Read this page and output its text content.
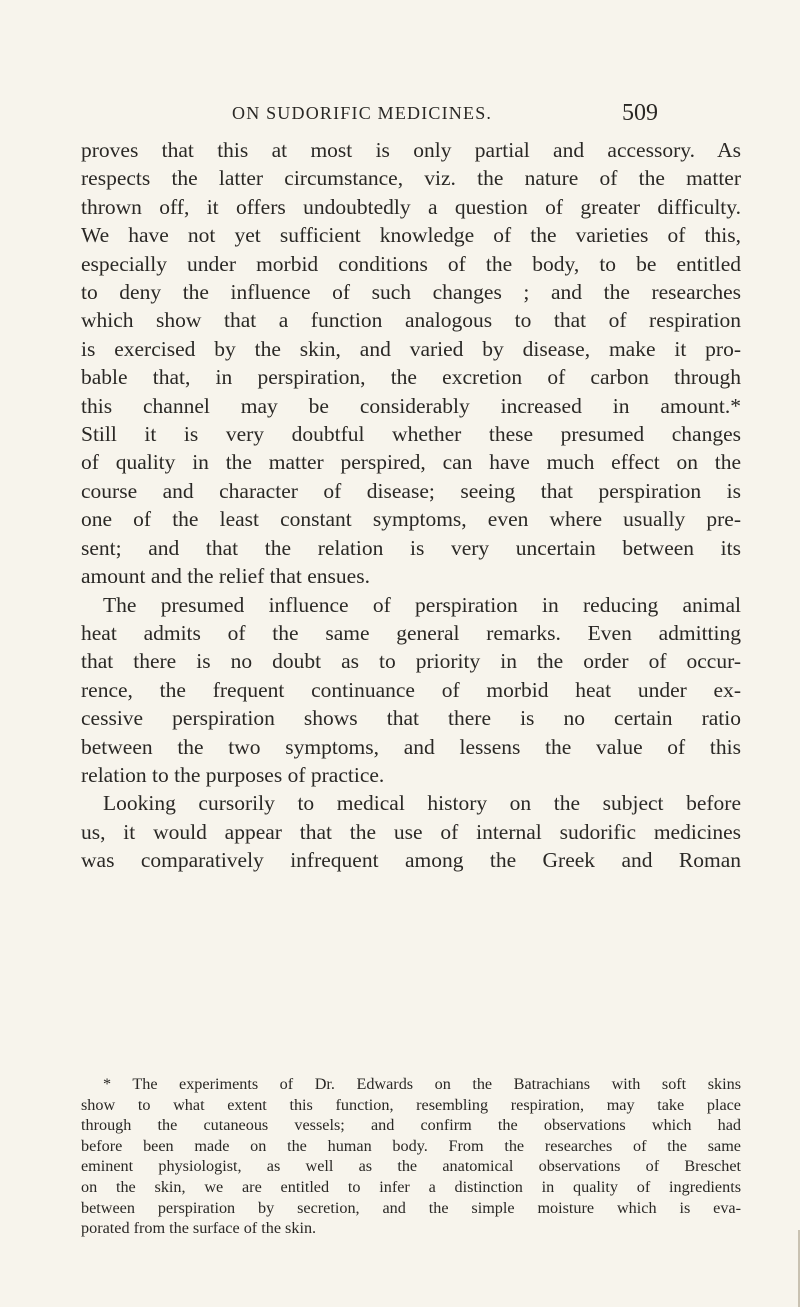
ON SUDORIFIC MEDICINES.	509
proves that this at most is only partial and accessory. As
respects the latter circumstance, viz. the nature of the matter
thrown off, it offers undoubtedly a question of greater difficulty.
We have not yet sufficient knowledge of the varieties of this,
especially under morbid conditions of the body, to be entitled
to deny the influence of such changes ; and the researches
which show that a function analogous to that of respiration
is exercised by the skin, and varied by disease, make it pro-
bable that, in perspiration, the excretion of carbon through
this channel may be considerably increased in amount.*
Still it is very doubtful whether these presumed changes
of quality in the matter perspired, can have much effect on the
course and character of disease; seeing that perspiration is
one of the least constant symptoms, even where usually pre-
sent; and that the relation is very uncertain between its
amount and the relief that ensues.
The presumed influence of perspiration in reducing animal
heat admits of the same general remarks. Even admitting
that there is no doubt as to priority in the order of occur-
rence, the frequent continuance of morbid heat under ex-
cessive perspiration shows that there is no certain ratio
between the two symptoms, and lessens the value of this
relation to the purposes of practice.
Looking cursorily to medical history on the subject before
us, it would appear that the use of internal sudorific medicines
was comparatively infrequent among the Greek and Roman
* The experiments of Dr. Edwards on the Batrachians with soft skins
show to what extent this function, resembling respiration, may take place
through the cutaneous vessels; and confirm the observations which had
before been made on the human body. From the researches of the same
eminent physiologist, as well as the anatomical observations of Breschet
on the skin, we are entitled to infer a distinction in quality of ingredients
between perspiration by secretion, and the simple moisture which is eva-
porated from the surface of the skin.
